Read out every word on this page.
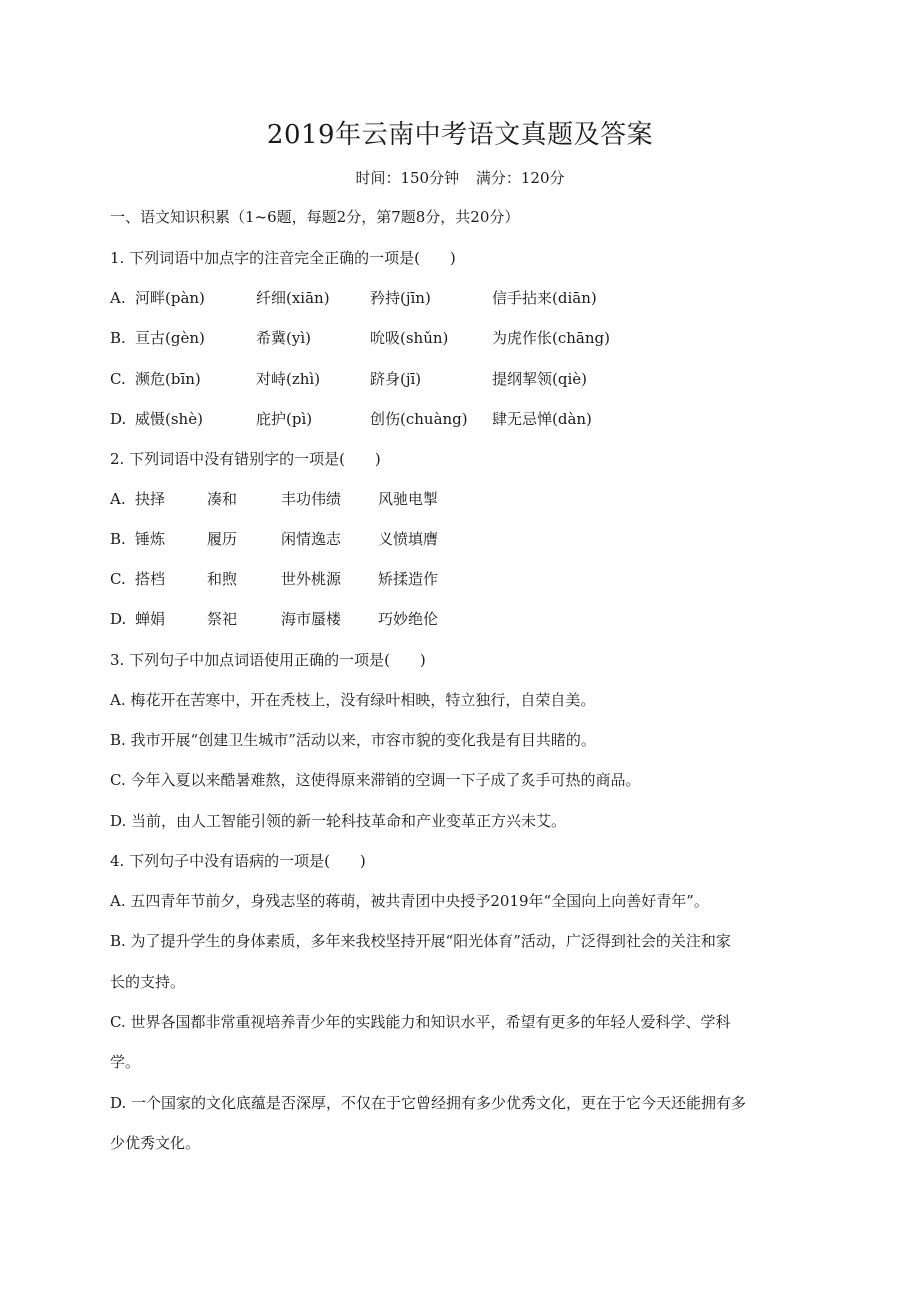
2019年云南中考语文真题及答案
时间：150分钟 满分：120分
一、语文知识积累（1~6题，每题2分，第7题8分，共20分）
1. 下列词语中加点字的注音完全正确的一项是(　　)
A. 河畔(pàn)	纤细(xiān)	矜持(jīn)	信手拈来(diān)
B. 亘古(gèn)	希冀(yì)	吮吸(shǔn)	为虎作伥(chāng)
C. 濒危(bīn)	对峙(zhì)	跻身(jī)	提纲挈领(qiè)
D. 威慑(shè)	庇护(pì)	创伤(chuàng) 肆无忌惮(dàn)
2. 下列词语中没有错别字的一项是(　　)
A. 抉择	凑和	丰功伟绩 风驰电掣
B. 锤炼	履历	闲情逸志 义愤填膺
C. 搭档	和煦	世外桃源 矫揉造作
D. 蝉娟	祭祀	海市蜃楼 巧妙绝伦
3. 下列句子中加点词语使用正确的一项是(　　)
A. 梅花开在苦寒中，开在秃枝上，没有绿叶相映，特立独行，自荣自美。
B. 我市开展“创建卫生城市”活动以来，市容市貌的变化我是有目共睹的。
C. 今年入夏以来酷暑难熬，这使得原来滞销的空调一下子成了炙手可热的商品。
D. 当前，由人工智能引领的新一轮科技革命和产业变革正方兴未艾。
4. 下列句子中没有语病的一项是(　　)
A. 五四青年节前夕，身残志坚的蒋萌，被共青团中央授予2019年“全国向上向善好青年”。
B. 为了提升学生的身体素质，多年来我校坚持开展“阳光体育”活动，广泛得到社会的关注和家
长的支持。
C. 世界各国都非常重视培养青少年的实践能力和知识水平，希望有更多的年轻人爱科学、学科
学。
D. 一个国家的文化底蕴是否深厚，不仅在于它曾经拥有多少优秀文化，更在于它今天还能拥有多
少优秀文化。
